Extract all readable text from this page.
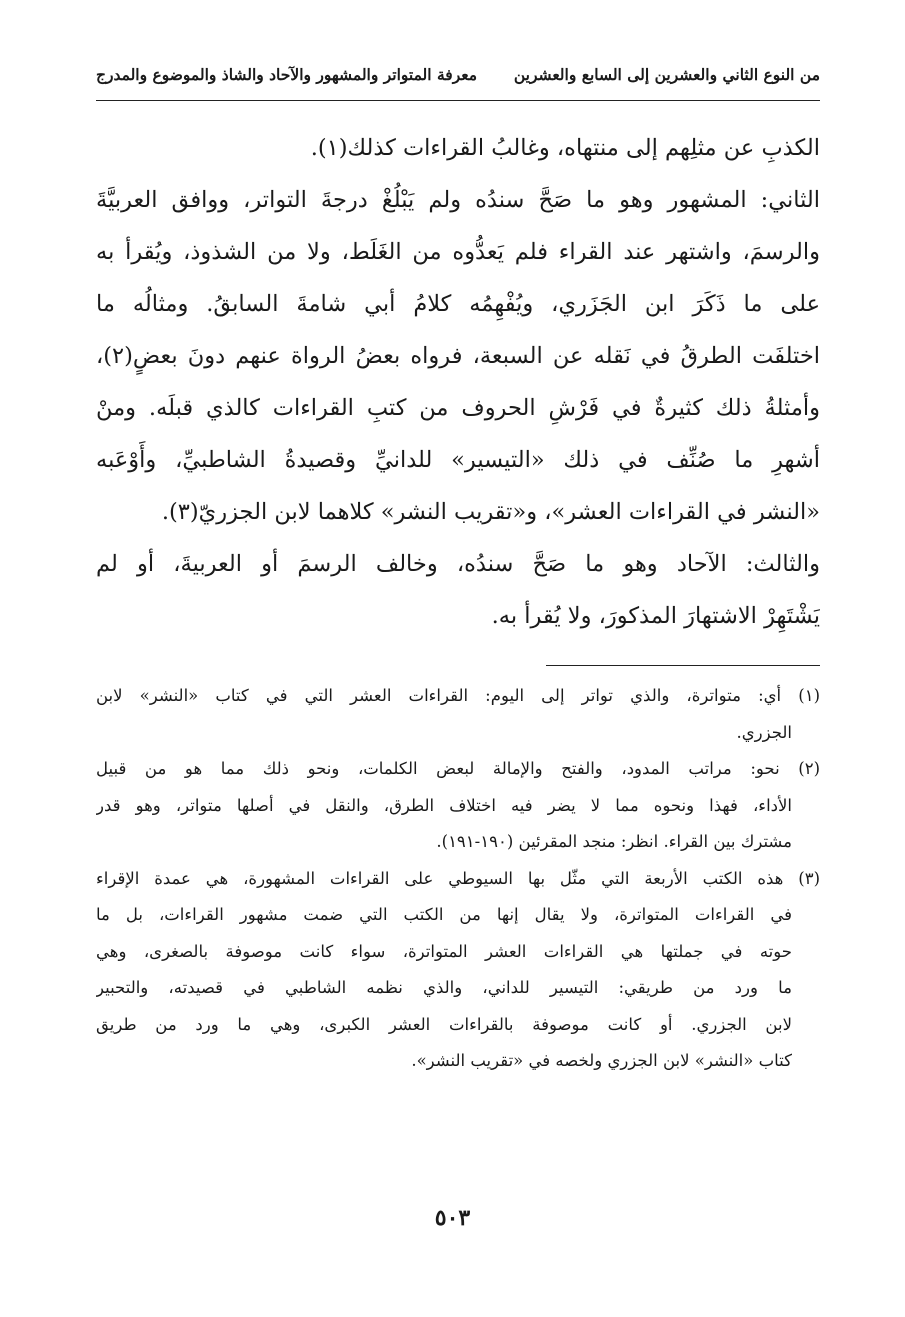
من النوع الثاني والعشرين إلى السابع والعشرين
معرفة المتواتر والمشهور والآحاد والشاذ والموضوع والمدرج

الكذبِ عن مثلِهم إلى منتهاه، وغالبُ القراءات كذلك(١).

الثاني: المشهور وهو ما صَحَّ سندُه ولم يَبْلُغْ درجةَ التواتر، ووافق العربيَّةَ
والرسمَ، واشتهر عند القراء فلم يَعدُّوه من الغَلَط، ولا من الشذوذ، ويُقرأ به
على ما ذَكَرَ ابن الجَزَري، ويُفْهِمُه كلامُ أبي شامةَ السابقُ. ومثالُه ما
اختلفَت الطرقُ في نَقله عن السبعة، فرواه بعضُ الرواة عنهم دونَ بعضٍ(٢)،
وأمثلةُ ذلك كثيرةٌ في فَرْشِ الحروف من كتبِ القراءات كالذي قبلَه. ومنْ
أشهرِ ما صُنِّف في ذلك «التيسير» للدانيِّ وقصيدةُ الشاطبيِّ، وأَوْعَبه
«النشر في القراءات العشر»، و«تقريب النشر» كلاهما لابن الجزريّ(٣).

والثالث: الآحاد وهو ما صَحَّ سندُه، وخالف الرسمَ أو العربيةَ، أو لم
يَشْتَهِرْ الاشتهارَ المذكورَ، ولا يُقرأ به.

(١) أي: متواترة، والذي تواتر إلى اليوم: القراءات العشر التي في كتاب «النشر» لابن
الجزري.
(٢) نحو: مراتب المدود، والفتح والإمالة لبعض الكلمات، ونحو ذلك مما هو من قبيل
الأداء، فهذا ونحوه مما لا يضر فيه اختلاف الطرق، والنقل في أصلها متواتر، وهو قدر
مشترك بين القراء. انظر: منجد المقرئين (١٩٠-١٩١).
(٣) هذه الكتب الأربعة التي مثّل بها السيوطي على القراءات المشهورة، هي عمدة الإقراء
في القراءات المتواترة، ولا يقال إنها من الكتب التي ضمت مشهور القراءات، بل ما
حوته في جملتها هي القراءات العشر المتواترة، سواء كانت موصوفة بالصغرى، وهي
ما ورد من طريقي: التيسير للداني، والذي نظمه الشاطبي في قصيدته، والتحبير
لابن الجزري. أو كانت موصوفة بالقراءات العشر الكبرى، وهي ما ورد من طريق
كتاب «النشر» لابن الجزري ولخصه في «تقريب النشر».
٥٠٣
